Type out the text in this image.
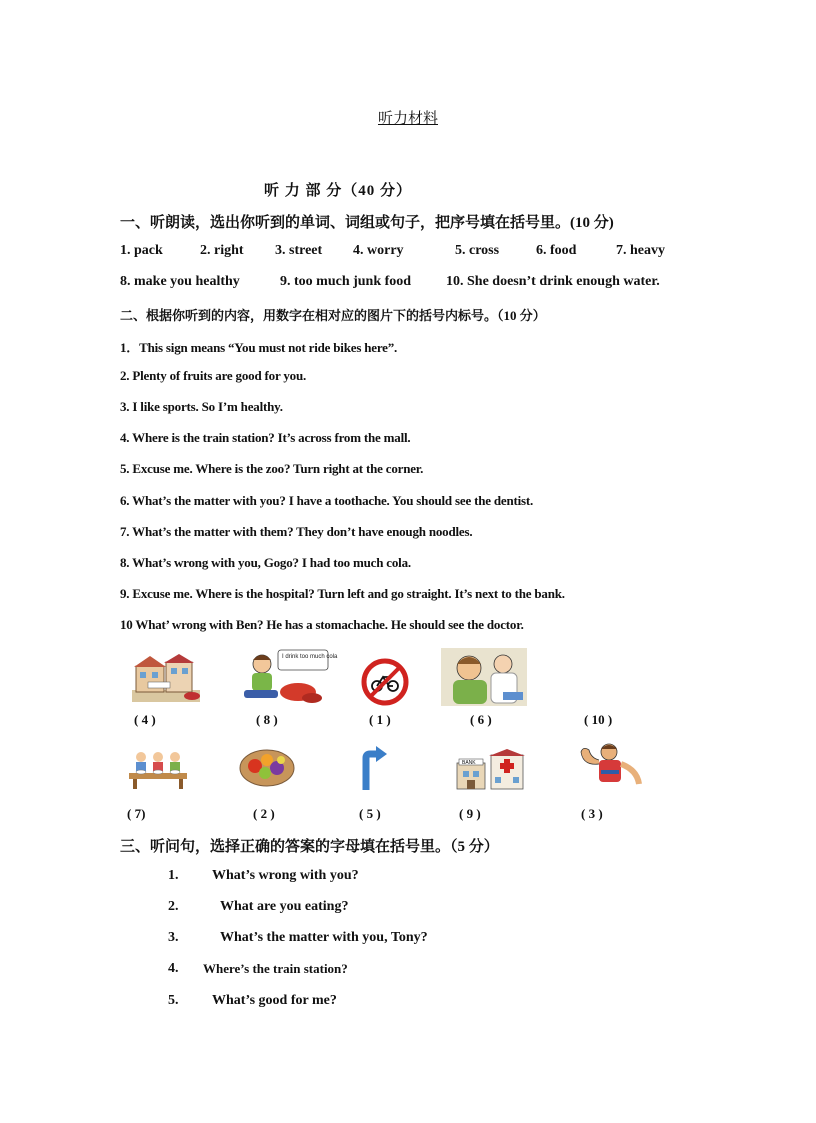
听力材料
听 力 部 分（40 分）
一、听朗读，选出你听到的单词、词组或句子，把序号填在括号里。(10 分)
1. pack	2. right 3. street 4. worry	5. cross	6. food	7. heavy
8. make you healthy	9. too much junk food 10. She doesn’t drink enough water.
二、根据你听到的内容，用数字在相对应的图片下的括号内标号。（10 分）
1．This sign means “You must not ride bikes here”.
2. Plenty of fruits are good for you.
3. I like sports. So I’m healthy.
4. Where is the train station? It’s across from the mall.
5. Excuse me. Where is the zoo? Turn right at the corner.
6. What’s the matter with you? I have a toothache. You should see the dentist.
7. What’s the matter with them? They don’t have enough noodles.
8. What’s wrong with you, Gogo? I had too much cola.
9. Excuse me. Where is the hospital? Turn left and go straight. It’s next to the bank.
10 What’ wrong with Ben? He has a stomachache. He should see the doctor.
I drink too much cola
( 4 )	( 8 )	( 1 )	( 6 )	( 10 )
BANK
( 7)	( 2 )	( 5 )	( 9 )	( 3 )
三、听问句，选择正确的答案的字母填在括号里。（5 分）
1. What’s wrong with you?
2.	What are you eating?
3.	What’s the matter with you, Tony?
4. Where’s the train station?
5. What’s good for me?
